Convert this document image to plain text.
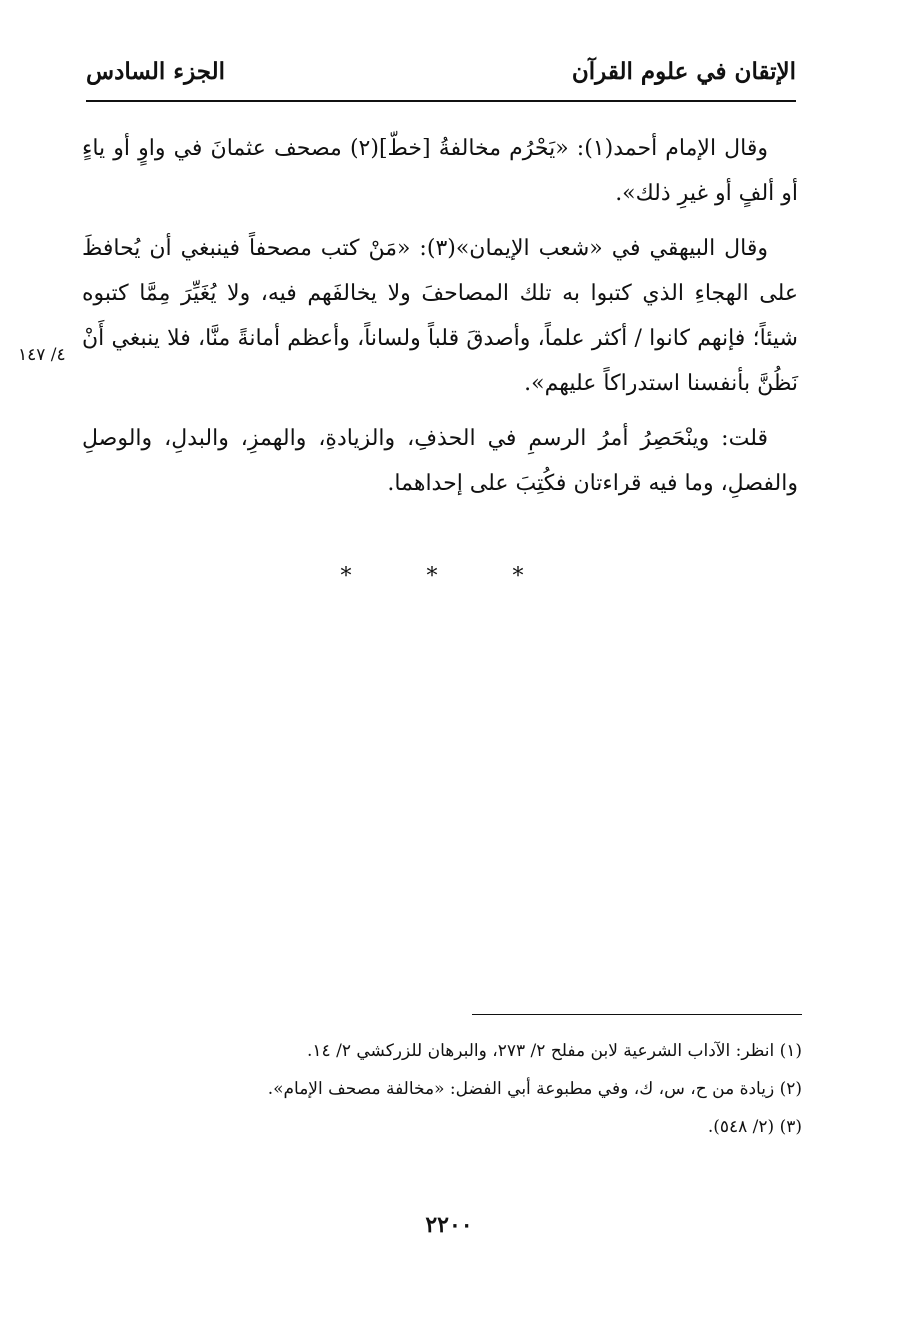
الإتقان في علوم القرآن
الجزء السادس

وقال الإمام أحمد(١): «يَحْرُم مخالفةُ [خطّ](٢) مصحف عثمانَ في واوٍ أو ياءٍ أو ألفٍ أو غيرِ ذلك».

وقال البيهقي في «شعب الإيمان»(٣): «مَنْ كتب مصحفاً فينبغي أن يُحافظَ على الهجاءِ الذي كتبوا به تلك المصاحفَ ولا يخالفَهم فيه، ولا يُغَيِّرَ مِمَّا كتبوه شيئاً؛ فإنهم كانوا / أكثر علماً، وأصدقَ قلباً ولساناً، وأعظم أمانةً منَّا، فلا ينبغي أَنْ نَظُنَّ بأنفسنا استدراكاً عليهم».

قلت: وينْحَصِرُ أمرُ الرسمِ في الحذفِ، والزيادةِ، والهمزِ، والبدلِ، والوصلِ والفصلِ، وما فيه قراءتان فكُتِبَ على إحداهما.

٤/ ١٤٧
* * *
(١) انظر: الآداب الشرعية لابن مفلح ٢/ ٢٧٣، والبرهان للزركشي ٢/ ١٤.
(٢) زيادة من ح، س، ك، وفي مطبوعة أبي الفضل: «مخالفة مصحف الإمام».
(٣) (٢/ ٥٤٨).
٢٢٠٠
